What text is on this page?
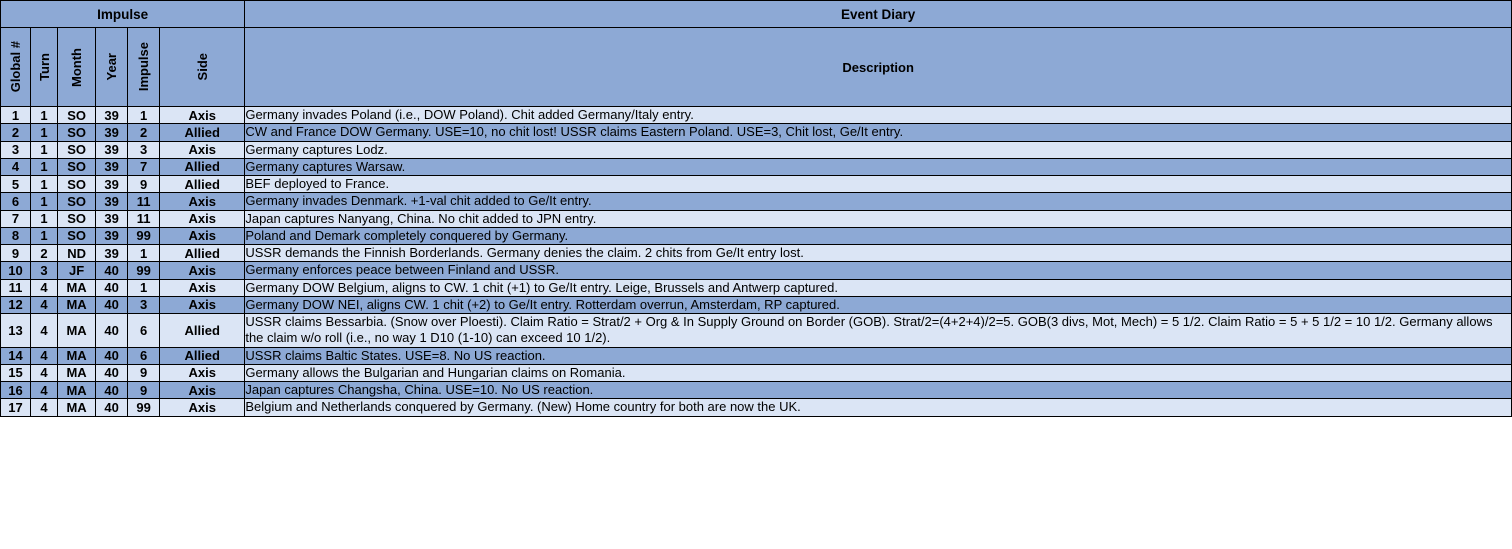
Impulse						Event Diary

Global #	Turn	Month	Year	Impulse	Side	Description
1	1	SO	39	1	Axis	Germany invades Poland (i.e., DOW Poland). Chit added Germany/Italy entry.
2	1	SO	39	2	Allied	CW and France DOW Germany. USE=10, no chit lost! USSR claims Eastern Poland. USE=3, Chit lost, Ge/It entry.
3	1	SO	39	3	Axis	Germany captures Lodz.
4	1	SO	39	7	Allied	Germany captures Warsaw.
5	1	SO	39	9	Allied	BEF deployed to France.
6	1	SO	39	11	Axis	Germany invades Denmark. +1-val chit added to Ge/It entry.
7	1	SO	39	11	Axis	Japan captures Nanyang, China. No chit added to JPN entry.
8	1	SO	39	99	Axis	Poland and Demark completely conquered by Germany.
9	2	ND	39	1	Allied	USSR demands the Finnish Borderlands. Germany denies the claim. 2 chits from Ge/It entry lost.
10	3	JF	40	99	Axis	Germany enforces peace between Finland and USSR.
11	4	MA	40	1	Axis	Germany DOW Belgium, aligns to CW. 1 chit (+1) to Ge/It entry. Leige, Brussels and Antwerp captured.
12	4	MA	40	3	Axis	Germany DOW NEI, aligns CW. 1 chit (+2) to Ge/It entry. Rotterdam overrun, Amsterdam, RP captured.
13	4	MA	40	6	Allied	USSR claims Bessarbia. (Snow over Ploesti). Claim Ratio = Strat/2 + Org & In Supply Ground on Border (GOB). Strat/2=(4+2+4)/2=5. GOB(3 divs, Mot, Mech) = 5 1/2. Claim Ratio = 5 + 5 1/2 = 10 1/2. Germany allows the claim w/o roll (i.e., no way 1 D10 (1-10) can exceed 10 1/2).
14	4	MA	40	6	Allied	USSR claims Baltic States. USE=8. No US reaction.
15	4	MA	40	9	Axis	Germany allows the Bulgarian and Hungarian claims on Romania.
16	4	MA	40	9	Axis	Japan captures Changsha, China. USE=10. No US reaction.
17	4	MA	40	99	Axis	Belgium and Netherlands conquered by Germany. (New) Home country for both are now the UK.
